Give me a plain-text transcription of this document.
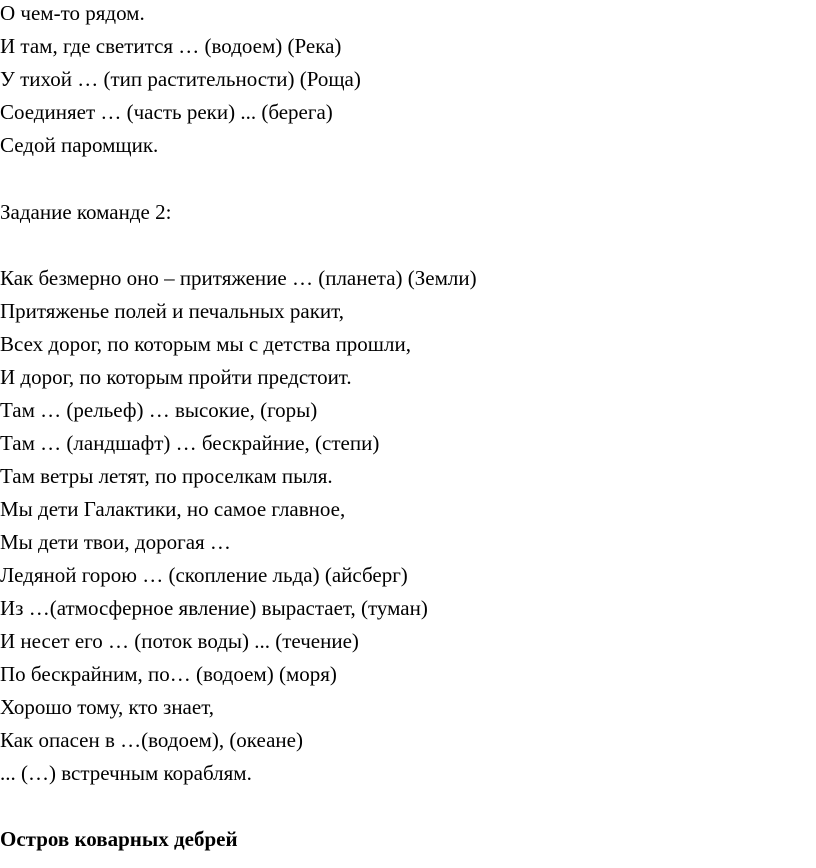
О чем-то рядом.
И там, где светится … (водоем) (Река)
У тихой … (тип растительности) (Роща)
Соединяет … (часть реки) ... (берега)
Седой паромщик.
Задание команде 2:
Как безмерно оно – притяжение … (планета) (Земли)
Притяженье полей и печальных ракит,
Всех дорог, по которым мы с детства прошли,
И дорог, по которым пройти предстоит.
Там … (рельеф) … высокие, (горы)
Там … (ландшафт) … бескрайние, (степи)
Там ветры летят, по проселкам пыля.
Мы дети Галактики, но самое главное,
Мы дети твои, дорогая …
Ледяной горою … (скопление льда) (айсберг)
Из …(атмосферное явление) вырастает, (туман)
И несет его … (поток воды) ... (течение)
По бескрайним, по… (водоем) (моря)
Хорошо тому, кто знает,
Как опасен в …(водоем), (океане)
... (…) встречным кораблям.
Остров коварных дебрей
